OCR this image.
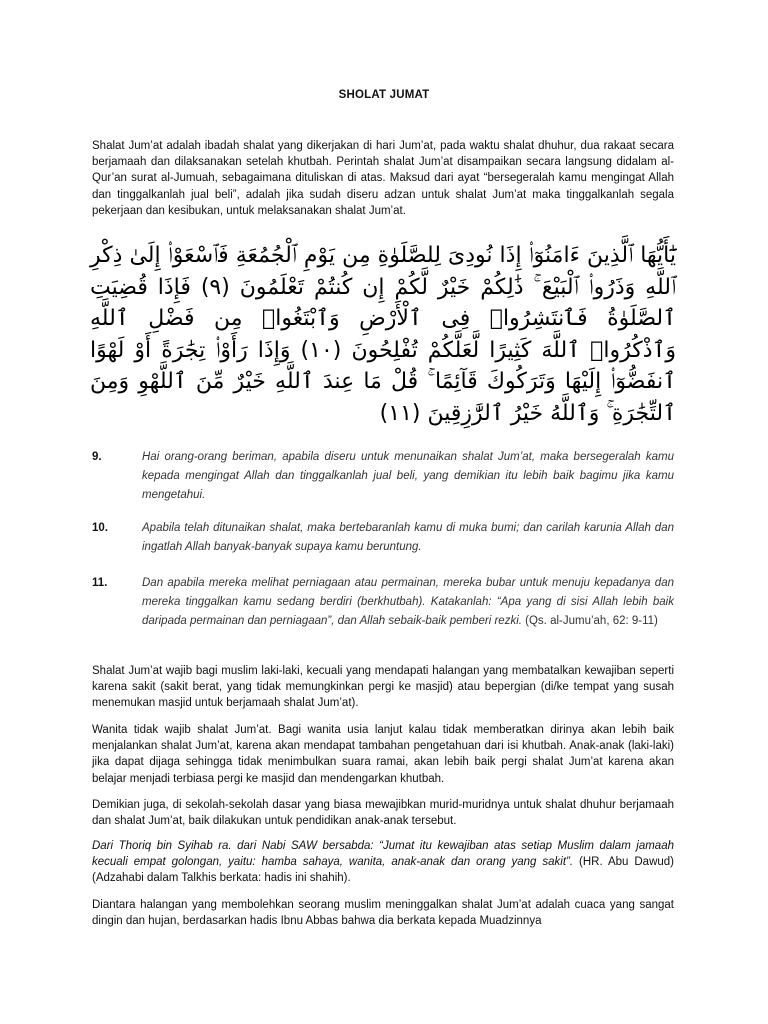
SHOLAT JUMAT

Shalat Jum’at adalah ibadah shalat yang dikerjakan di hari Jum’at, pada waktu shalat dhuhur, dua rakaat secara berjamaah dan dilaksanakan setelah khutbah. Perintah shalat Jum’at disampaikan secara langsung didalam al-Qur’an surat al-Jumuah, sebagaimana dituliskan di atas. Maksud dari ayat “bersegeralah kamu mengingat Allah dan tinggalkanlah jual beli”, adalah jika sudah diseru adzan untuk shalat Jum’at maka tinggalkanlah segala pekerjaan dan kesibukan, untuk melaksanakan shalat Jum’at.

يَٰٓأَيُّهَا ٱلَّذِينَ ءَامَنُوٓا۟ إِذَا نُودِىَ لِلصَّلَوٰةِ مِن يَوْمِ ٱلْجُمُعَةِ فَٱسْعَوْا۟ إِلَىٰ ذِكْرِ ٱللَّهِ وَذَرُوا۟ ٱلْبَيْعَ ۚ ذَٰلِكُمْ خَيْرٌ لَّكُمْ إِن كُنتُمْ تَعْلَمُونَ (٩) فَإِذَا قُضِيَتِ ٱلصَّلَوٰةُ فَٱنتَشِرُوا۟ فِى ٱلْأَرْضِ وَٱبْتَغُوا۟ مِن فَضْلِ ٱللَّهِ وَٱذْكُرُوا۟ ٱللَّهَ كَثِيرًا لَّعَلَّكُمْ تُفْلِحُونَ (١٠) وَإِذَا رَأَوْا۟ تِجَٰرَةً أَوْ لَهْوًا ٱنفَضُّوٓا۟ إِلَيْهَا وَتَرَكُوكَ قَآئِمًا ۚ قُلْ مَا عِندَ ٱللَّهِ خَيْرٌ مِّنَ ٱللَّهْوِ وَمِنَ ٱلتِّجَٰرَةِ ۚ وَٱللَّهُ خَيْرُ ٱلرَّٰزِقِينَ (١١)

9.	Hai orang-orang beriman, apabila diseru untuk menunaikan shalat Jum’at, maka bersegeralah kamu kepada mengingat Allah dan tinggalkanlah jual beli, yang demikian itu lebih baik bagimu jika kamu mengetahui.
10.	Apabila telah ditunaikan shalat, maka bertebaranlah kamu di muka bumi; dan carilah karunia Allah dan ingatlah Allah banyak-banyak supaya kamu beruntung.
11.	Dan apabila mereka melihat perniagaan atau permainan, mereka bubar untuk menuju kepadanya dan mereka tinggalkan kamu sedang berdiri (berkhutbah). Katakanlah: “Apa yang di sisi Allah lebih baik daripada permainan dan perniagaan”, dan Allah sebaik-baik pemberi rezki. (Qs. al-Jumu’ah, 62: 9-11)

Shalat Jum’at wajib bagi muslim laki-laki, kecuali yang mendapati halangan yang membatalkan kewajiban seperti karena sakit (sakit berat, yang tidak memungkinkan pergi ke masjid) atau bepergian (di/ke tempat yang susah menemukan masjid untuk berjamaah shalat Jum’at).

Wanita tidak wajib shalat Jum’at. Bagi wanita usia lanjut kalau tidak memberatkan dirinya akan lebih baik menjalankan shalat Jum’at, karena akan mendapat tambahan pengetahuan dari isi khutbah. Anak-anak (laki-laki) jika dapat dijaga sehingga tidak menimbulkan suara ramai, akan lebih baik pergi shalat Jum’at karena akan belajar menjadi terbiasa pergi ke masjid dan mendengarkan khutbah.

Demikian juga, di sekolah-sekolah dasar yang biasa mewajibkan murid-muridnya untuk shalat dhuhur berjamaah dan shalat Jum’at, baik dilakukan untuk pendidikan anak-anak tersebut.

Dari Thoriq bin Syihab ra. dari Nabi SAW bersabda: “Jumat itu kewajiban atas setiap Muslim dalam jamaah kecuali empat golongan, yaitu: hamba sahaya, wanita, anak-anak dan orang yang sakit”. (HR. Abu Dawud) (Adzahabi dalam Talkhis berkata: hadis ini shahih).

Diantara halangan yang membolehkan seorang muslim meninggalkan shalat Jum’at adalah cuaca yang sangat dingin dan hujan, berdasarkan hadis Ibnu Abbas bahwa dia berkata kepada Muadzinnya
